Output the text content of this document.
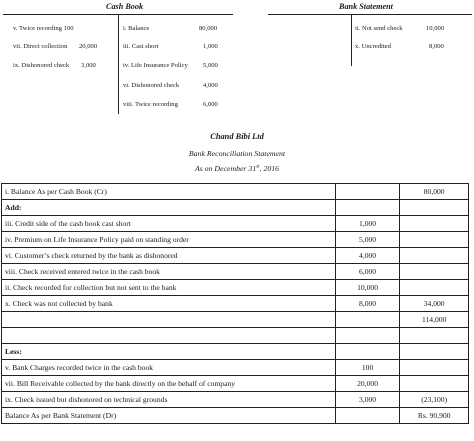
Cash Book
v. Twice recording 100
vii. Direct collection 20,000
ix. Dishonored check 3,000
i. Balance	80,000
iii. Cast short	1,000
iv. Life Insurance Policy 5,000
vi. Dishonored check	4,000
viii. Twice recording	6,000
Bank Statement
ii. Not send check	10,000
x. Uncredited	8,000
Chand Bibi Ltd
Bank Reconciliation Statement
As on December 31st, 2016
i. Balance As per Cash Book (Cr)		80,000
Add:		
iii. Credit side of the cash book cast short	1,000	
iv. Premium on Life Insurance Policy paid on standing order	5,000	
vi. Customer’s check returned by the bank as dishonored	4,000	
viii. Check received entered twice in the cash book	6,000	
ii. Check recorded for collection but not sent to the bank	10,000	
x. Check was not collected by bank	8,000	34,000
		114,000

Less:		
v. Bank Charges recorded twice in the cash book	100	
vii. Bill Receivable collected by the bank directly on the behalf of company	20,000	
ix. Check issued but dishonored on technical grounds	3,000	(23,100)
Balance As per Bank Statement (Dr)		Rs. 90,900
